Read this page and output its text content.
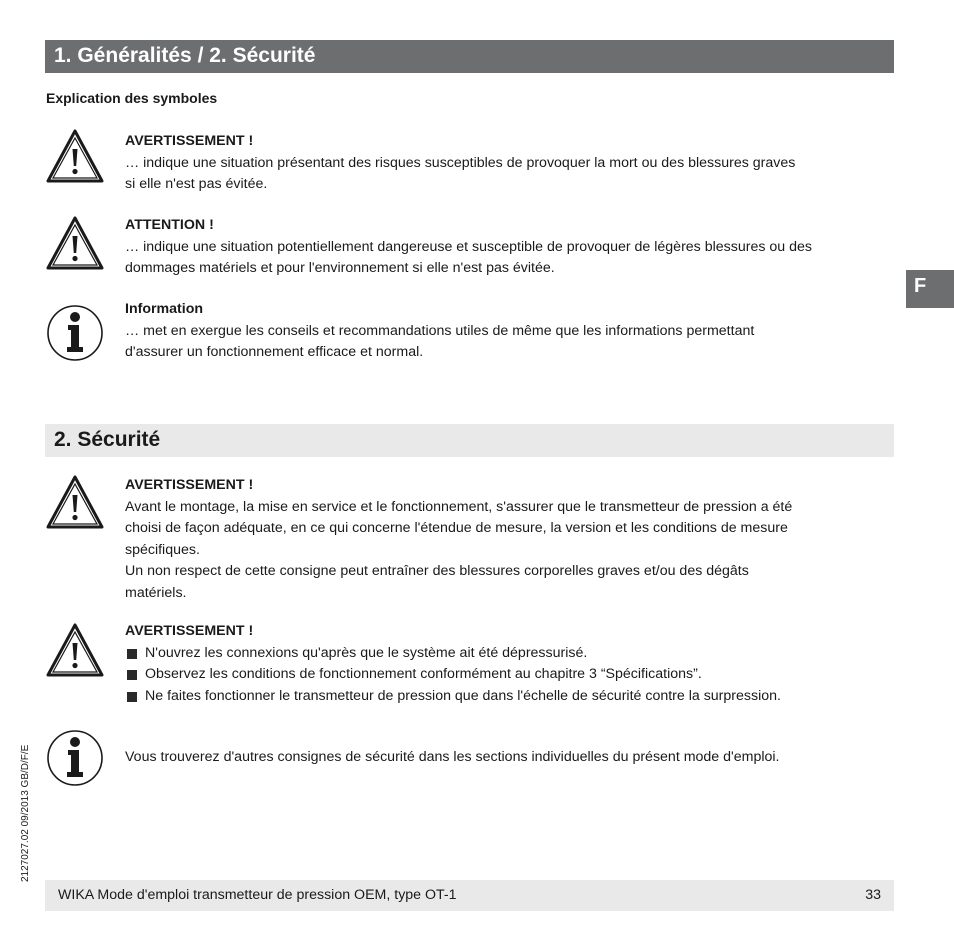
1. Généralités / 2. Sécurité
Explication des symboles
AVERTISSEMENT !
… indique une situation présentant des risques susceptibles de provoquer la mort ou des blessures graves
si elle n'est pas évitée.
ATTENTION !
… indique une situation potentiellement dangereuse et susceptible de provoquer de légères blessures ou des
dommages matériels et pour l'environnement si elle n'est pas évitée.
Information
… met en exergue les conseils et recommandations utiles de même que les informations permettant
d'assurer un fonctionnement efficace et normal.
F
2. Sécurité
AVERTISSEMENT !
Avant le montage, la mise en service et le fonctionnement, s'assurer que le transmetteur de pression a été
choisi de façon adéquate, en ce qui concerne l'étendue de mesure, la version et les conditions de mesure
spécifiques.
Un non respect de cette consigne peut entraîner des blessures corporelles graves et/ou des dégâts
matériels.
AVERTISSEMENT !
N'ouvrez les connexions qu'après que le système ait été dépressurisé.
Observez les conditions de fonctionnement conformément au chapitre 3 “Spécifications”.
Ne faites fonctionner le transmetteur de pression que dans l'échelle de sécurité contre la surpression.
Vous trouverez d'autres consignes de sécurité dans les sections individuelles du présent mode d'emploi.
2127027.02 09/2013 GB/D/F/E
WIKA Mode d'emploi transmetteur de pression OEM, type OT-1	33
